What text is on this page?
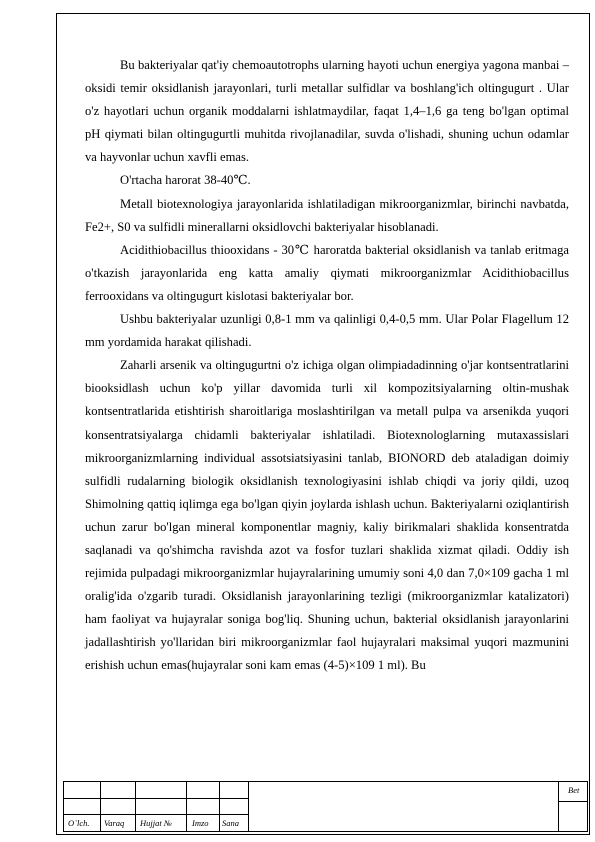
Bu bakteriyalar qat'iy chemoautotrophs ularning hayoti uchun energiya yagona manbai – oksidi temir oksidlanish jarayonlari, turli metallar sulfidlar va boshlang'ich oltingugurt . Ular o'z hayotlari uchun organik moddalarni ishlatmaydilar, faqat 1,4–1,6 ga teng bo'lgan optimal pH qiymati bilan oltingugurtli muhitda rivojlanadilar, suvda o'lishadi, shuning uchun odamlar va hayvonlar uchun xavfli emas.

O'rtacha harorat 38-40℃.

Metall biotexnologiya jarayonlarida ishlatiladigan mikroorganizmlar, birinchi navbatda, Fe2+, S0 va sulfidli minerallarni oksidlovchi bakteriyalar hisoblanadi.

Acidithiobacillus thiooxidans - 30℃ haroratda bakterial oksidlanish va tanlab eritmaga o'tkazish jarayonlarida eng katta amaliy qiymati mikroorganizmlar Acidithiobacillus ferrooxidans va oltingugurt kislotasi bakteriyalar bor.

Ushbu bakteriyalar uzunligi 0,8-1 mm va qalinligi 0,4-0,5 mm. Ular Polar Flagellum 12 mm yordamida harakat qilishadi.

Zaharli arsenik va oltingugurtni o'z ichiga olgan olimpiadadinning o'jar kontsentratlarini biooksidlash uchun ko'p yillar davomida turli xil kompozitsiyalarning oltin-mushak kontsentratlarida etishtirish sharoitlariga moslashtirilgan va metall pulpa va arsenikda yuqori konsentratsiyalarga chidamli bakteriyalar ishlatiladi. Biotexnologlarning mutaxassislari mikroorganizmlarning individual assotsiatsiyasini tanlab, BIONORD deb ataladigan doimiy sulfidli rudalarning biologik oksidlanish texnologiyasini ishlab chiqdi va joriy qildi, uzoq Shimolning qattiq iqlimga ega bo'lgan qiyin joylarda ishlash uchun. Bakteriyalarni oziqlantirish uchun zarur bo'lgan mineral komponentlar magniy, kaliy birikmalari shaklida konsentratda saqlanadi va qo'shimcha ravishda azot va fosfor tuzlari shaklida xizmat qiladi. Oddiy ish rejimida pulpadagi mikroorganizmlar hujayralarining umumiy soni 4,0 dan 7,0×109 gacha 1 ml oralig'ida o'zgarib turadi. Oksidlanish jarayonlarining tezligi (mikroorganizmlar katalizatori) ham faoliyat va hujayralar soniga bog'liq. Shuning uchun, bakterial oksidlanish jarayonlarini jadallashtirish yo'llaridan biri mikroorganizmlar faol hujayralari maksimal yuqori mazmunini erishish uchun emas(hujayralar soni kam emas (4-5)×109 1 ml). Bu

O`lch. Varaq Hujjat № Imzo Sana
Bet
